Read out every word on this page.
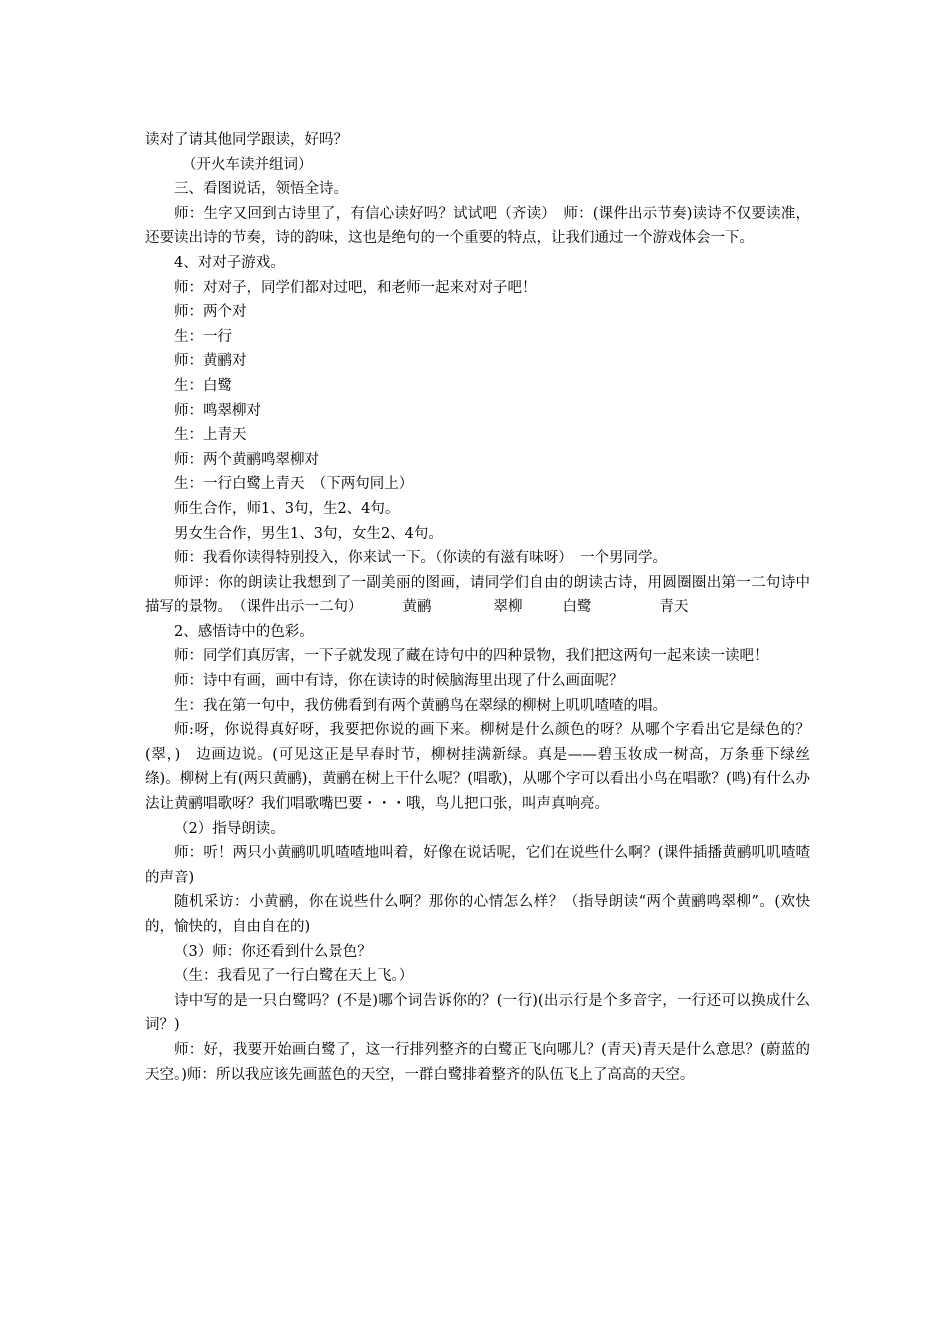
读对了请其他同学跟读，好吗？

（开火车读并组词）

三、看图说话，领悟全诗。

师：生字又回到古诗里了，有信心读好吗？试试吧（齐读）　师：(课件出示节奏)读诗不仅要读准，还要读出诗的节奏，诗的韵味，这也是绝句的一个重要的特点，让我们通过一个游戏体会一下。

4、对对子游戏。

师：对对子，同学们都对过吧，和老师一起来对对子吧！

师：两个对

生：一行

师：黄鹂对

生：白鹭

师：鸣翠柳对

生：上青天

师：两个黄鹂鸣翠柳对

生：一行白鹭上青天　（下两句同上）

师生合作，师1、3句，生2、4句。

男女生合作，男生1、3句，女生2、4句。

师：我看你读得特别投入，你来试一下。（你读的有滋有味呀）　一个男同学。

师评：你的朗读让我想到了一副美丽的图画，请同学们自由的朗读古诗，用圆圈圈出第一二句诗中描写的景物。　（课件出示一二句）	黄鹂	翠柳	白鹭	青天

2、感悟诗中的色彩。

师：同学们真厉害，一下子就发现了藏在诗句中的四种景物，我们把这两句一起来读一读吧！

师：诗中有画，画中有诗，你在读诗的时候脑海里出现了什么画面呢？

生：我在第一句中，我仿佛看到有两个黄鹂鸟在翠绿的柳树上叽叽喳喳的唱。

师:呀，你说得真好呀，我要把你说的画下来。柳树是什么颜色的呀？从哪个字看出它是绿色的？(翠，)　边画边说。(可见这正是早春时节，柳树挂满新绿。真是——碧玉妆成一树高，万条垂下绿丝绦)。柳树上有(两只黄鹂)，黄鹂在树上干什么呢？(唱歌)，从哪个字可以看出小鸟在唱歌？(鸣)有什么办法让黄鹂唱歌呀？我们唱歌嘴巴要・・・哦，鸟儿把口张，叫声真响亮。

（2）指导朗读。

师：听！两只小黄鹂叽叽喳喳地叫着，好像在说话呢，它们在说些什么啊？(课件插播黄鹂叽叽喳喳的声音)

随机采访：小黄鹂，你在说些什么啊？那你的心情怎么样？（指导朗读“两个黄鹂鸣翠柳”。(欢快的，愉快的，自由自在的)

（3）师：你还看到什么景色？

（生：我看见了一行白鹭在天上飞。）

诗中写的是一只白鹭吗？(不是)哪个词告诉你的？(一行)(出示行是个多音字，一行还可以换成什么词？)

师：好，我要开始画白鹭了，这一行排列整齐的白鹭正飞向哪儿？(青天)青天是什么意思？(蔚蓝的天空。)师：所以我应该先画蓝色的天空，一群白鹭排着整齐的队伍飞上了高高的天空。
